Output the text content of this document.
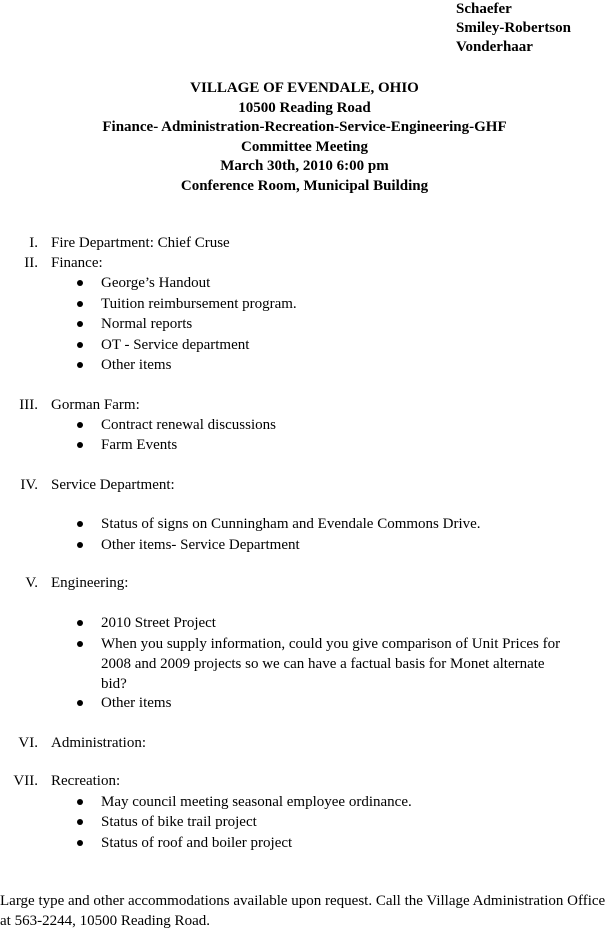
Schaefer
Smiley-Robertson
Vonderhaar
VILLAGE OF EVENDALE, OHIO
10500 Reading Road
Finance- Administration-Recreation-Service-Engineering-GHF
Committee Meeting
March 30th, 2010 6:00 pm
Conference Room, Municipal Building
I. Fire Department: Chief Cruse
II. Finance:
George’s Handout
Tuition reimbursement program.
Normal reports
OT - Service department
Other items
III. Gorman Farm:
Contract renewal discussions
Farm Events
IV. Service Department:
Status of signs on Cunningham and Evendale Commons Drive.
Other items- Service Department
V. Engineering:
2010 Street Project
When you supply information, could you give comparison of Unit Prices for 2008 and 2009 projects so we can have a factual basis for Monet alternate bid?
Other items
VI. Administration:
VII. Recreation:
May council meeting seasonal employee ordinance.
Status of bike trail project
Status of roof and boiler project
Large type and other accommodations available upon request. Call the Village Administration Office at 563-2244, 10500 Reading Road.
